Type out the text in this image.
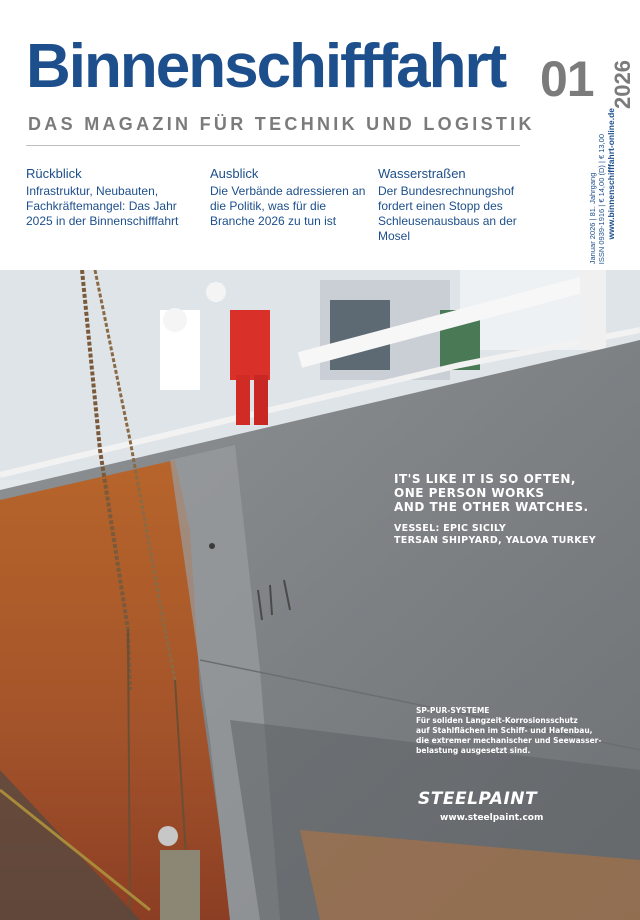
Binnenschifffahrt 01 2026
DAS MAGAZIN FÜR TECHNIK UND LOGISTIK
Rückblick
Infrastruktur, Neubauten, Fachkräftemangel: Das Jahr 2025 in der Binnenschifffahrt
Ausblick
Die Verbände adressieren an die Politik, was für die Branche 2026 zu tun ist
Wasserstraßen
Der Bundesrechnungshof fordert einen Stopp des Schleusenausbaus an der Mosel	Januar 2026 | 81. Jahrgang
ISSN 0939-1916 | € 14,00 (D) | € 13,00 www.binnenschifffahrt-online.de
IT'S LIKE IT IS SO OFTEN,
ONE PERSON WORKS
AND THE OTHER WATCHES.
VESSEL: EPIC SICILY
TERSAN SHIPYARD, YALOVA TURKEY
SP-PUR-SYSTEME
Für soliden Langzeit-Korrosionsschutz
auf Stahlflächen im Schiff- und Hafenbau,
die extremer mechanischer und Seewasser-
belastung ausgesetzt sind.
STEELPAINT
www.steelpaint.com
